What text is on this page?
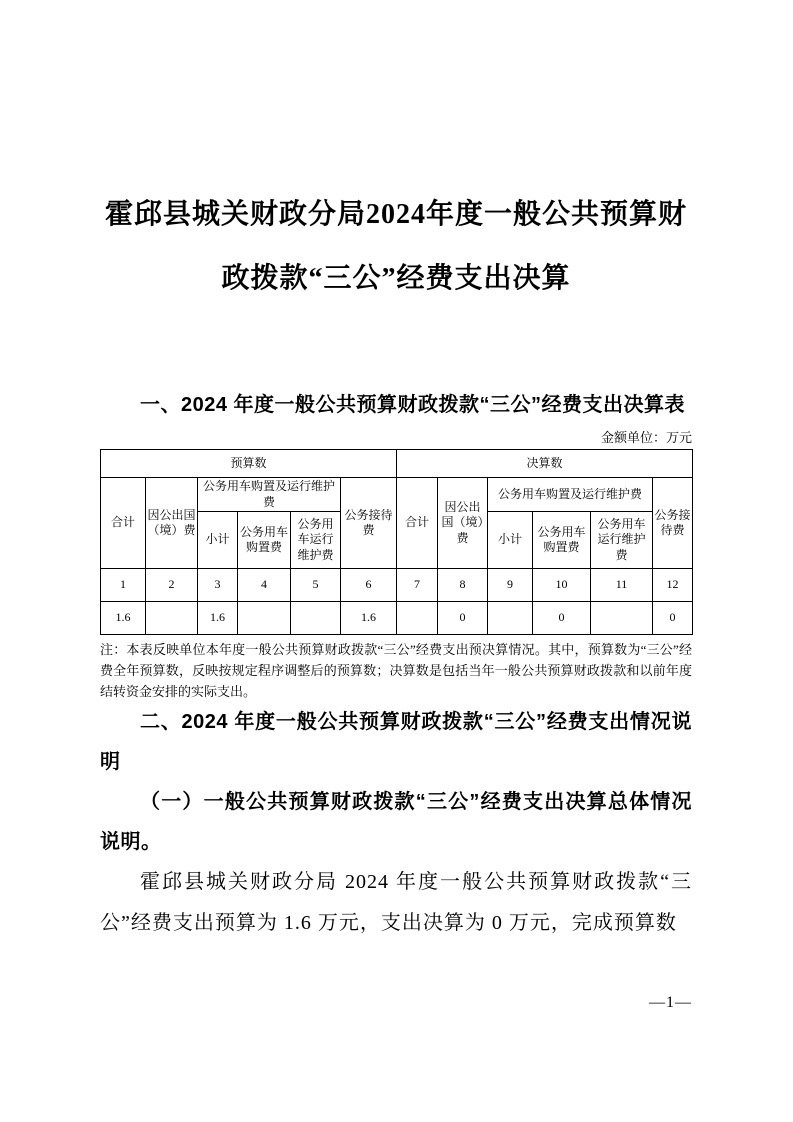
霍邱县城关财政分局2024年度一般公共预算财政拨款“三公”经费支出决算

一、2024 年度一般公共预算财政拨款“三公”经费支出决算表

金额单位：万元
预算数						决算数					
合计	因公出国（境）费	公务用车购置及运行维护费			公务接待费	合计	因公出国（境）费	公务用车购置及运行维护费			公务接待费
		小计	公务用车购置费	公务用车运行维护费				小计	公务用车购置费	公务用车运行维护费	
1	2	3	4	5	6	7	8	9	10	11	12
1.6		1.6			1.6		0		0		0

注：本表反映单位本年度一般公共预算财政拨款“三公”经费支出预决算情况。其中，预算数为“三公”经费全年预算数，反映按规定程序调整后的预算数；决算数是包括当年一般公共预算财政拨款和以前年度结转资金安排的实际支出。

二、2024 年度一般公共预算财政拨款“三公”经费支出情况说明

（一）一般公共预算财政拨款“三公”经费支出决算总体情况说明。

霍邱县城关财政分局 2024 年度一般公共预算财政拨款“三公”经费支出预算为 1.6 万元，支出决算为 0 万元，完成预算数

—1—
